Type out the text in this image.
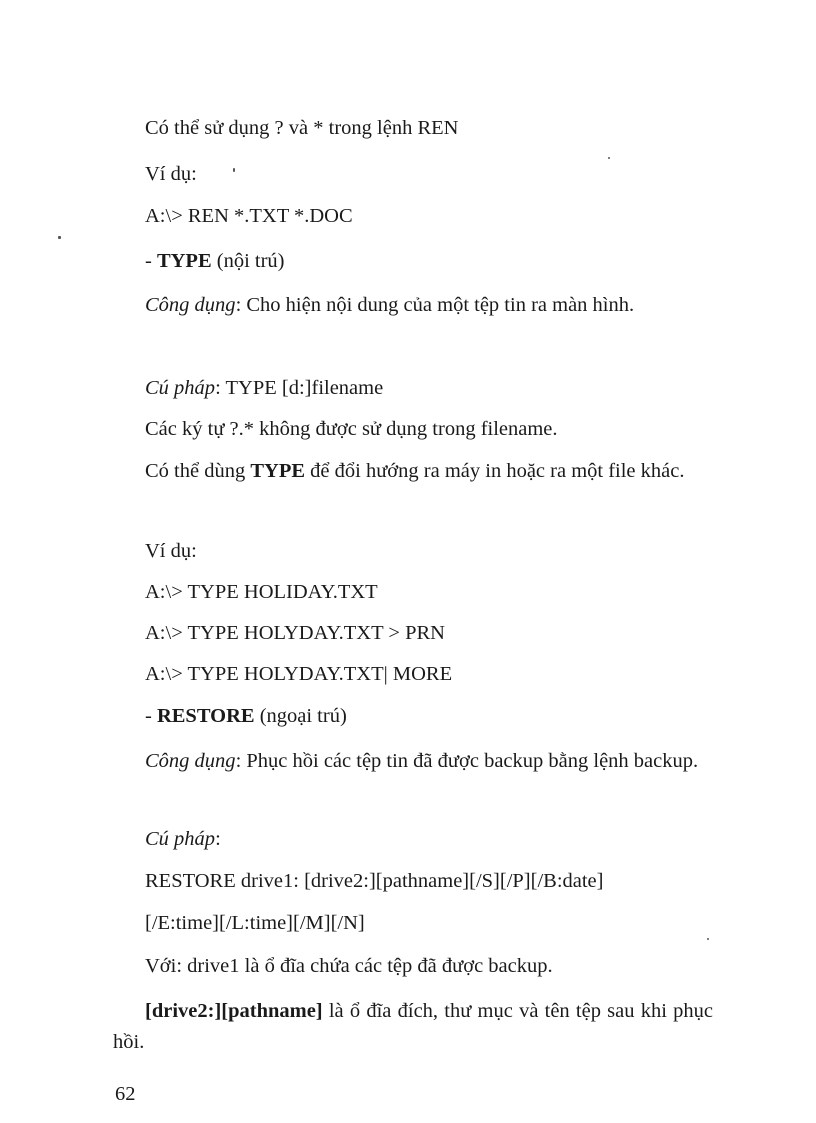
Có thể sử dụng ? và * trong lệnh REN
Ví dụ:
A:\> REN *.TXT *.DOC
- TYPE (nội trú)
Công dụng: Cho hiện nội dung của một tệp tin ra màn hình.
Cú pháp: TYPE [d:]filename
Các ký tự ?.* không được sử dụng trong filename.
Có thể dùng TYPE để đổi hướng ra máy in hoặc ra một file khác.
Ví dụ:
A:\> TYPE HOLIDAY.TXT
A:\> TYPE HOLYDAY.TXT > PRN
A:\> TYPE HOLYDAY.TXT| MORE
- RESTORE (ngoại trú)
Công dụng: Phục hồi các tệp tin đã được backup bằng lệnh backup.
Cú pháp:
RESTORE drive1: [drive2:][pathname][/S][/P][/B:date]
[/E:time][/L:time][/M][/N]
Với: drive1 là ổ đĩa chứa các tệp đã được backup.
[drive2:][pathname] là ổ đĩa đích, thư mục và tên tệp sau khi phục hồi.
62
